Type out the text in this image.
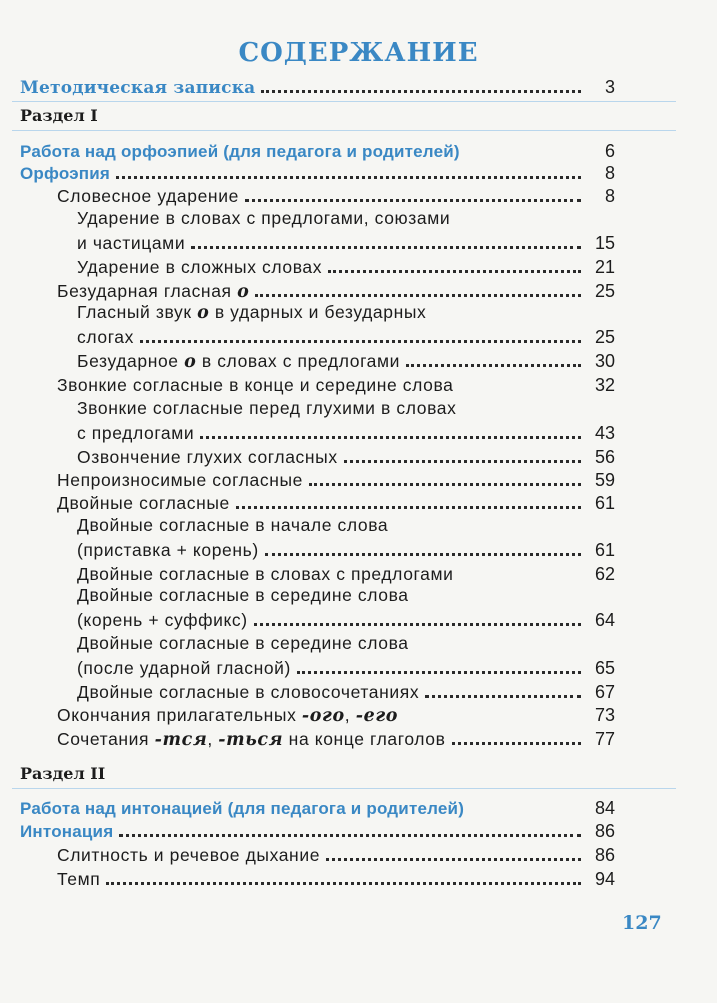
СОДЕРЖАНИЕ
Методическая записка	3
Раздел I
Работа над орфоэпией (для педагога и родителей)	6
Орфоэпия	8
Словесное ударение	8
Ударение в словах с предлогами, союзами
и частицами	15
Ударение в сложных словах	21
Безударная гласная о	25
Гласный звук о в ударных и безударных
слогах	25
Безударное о в словах с предлогами	30
Звонкие согласные в конце и середине слова	32
Звонкие согласные перед глухими в словах
с предлогами	43
Озвончение глухих согласных	56
Непроизносимые согласные	59
Двойные согласные	61
Двойные согласные в начале слова
(приставка + корень)	61
Двойные согласные в словах с предлогами	62
Двойные согласные в середине слова
(корень + суффикс)	64
Двойные согласные в середине слова
(после ударной гласной)	65
Двойные согласные в словосочетаниях	67
Окончания прилагательных -ого, -его	73
Сочетания -тся, -ться на конце глаголов	77
Раздел II
Работа над интонацией (для педагога и родителей)	84
Интонация	86
Слитность и речевое дыхание	86
Темп	94
127
